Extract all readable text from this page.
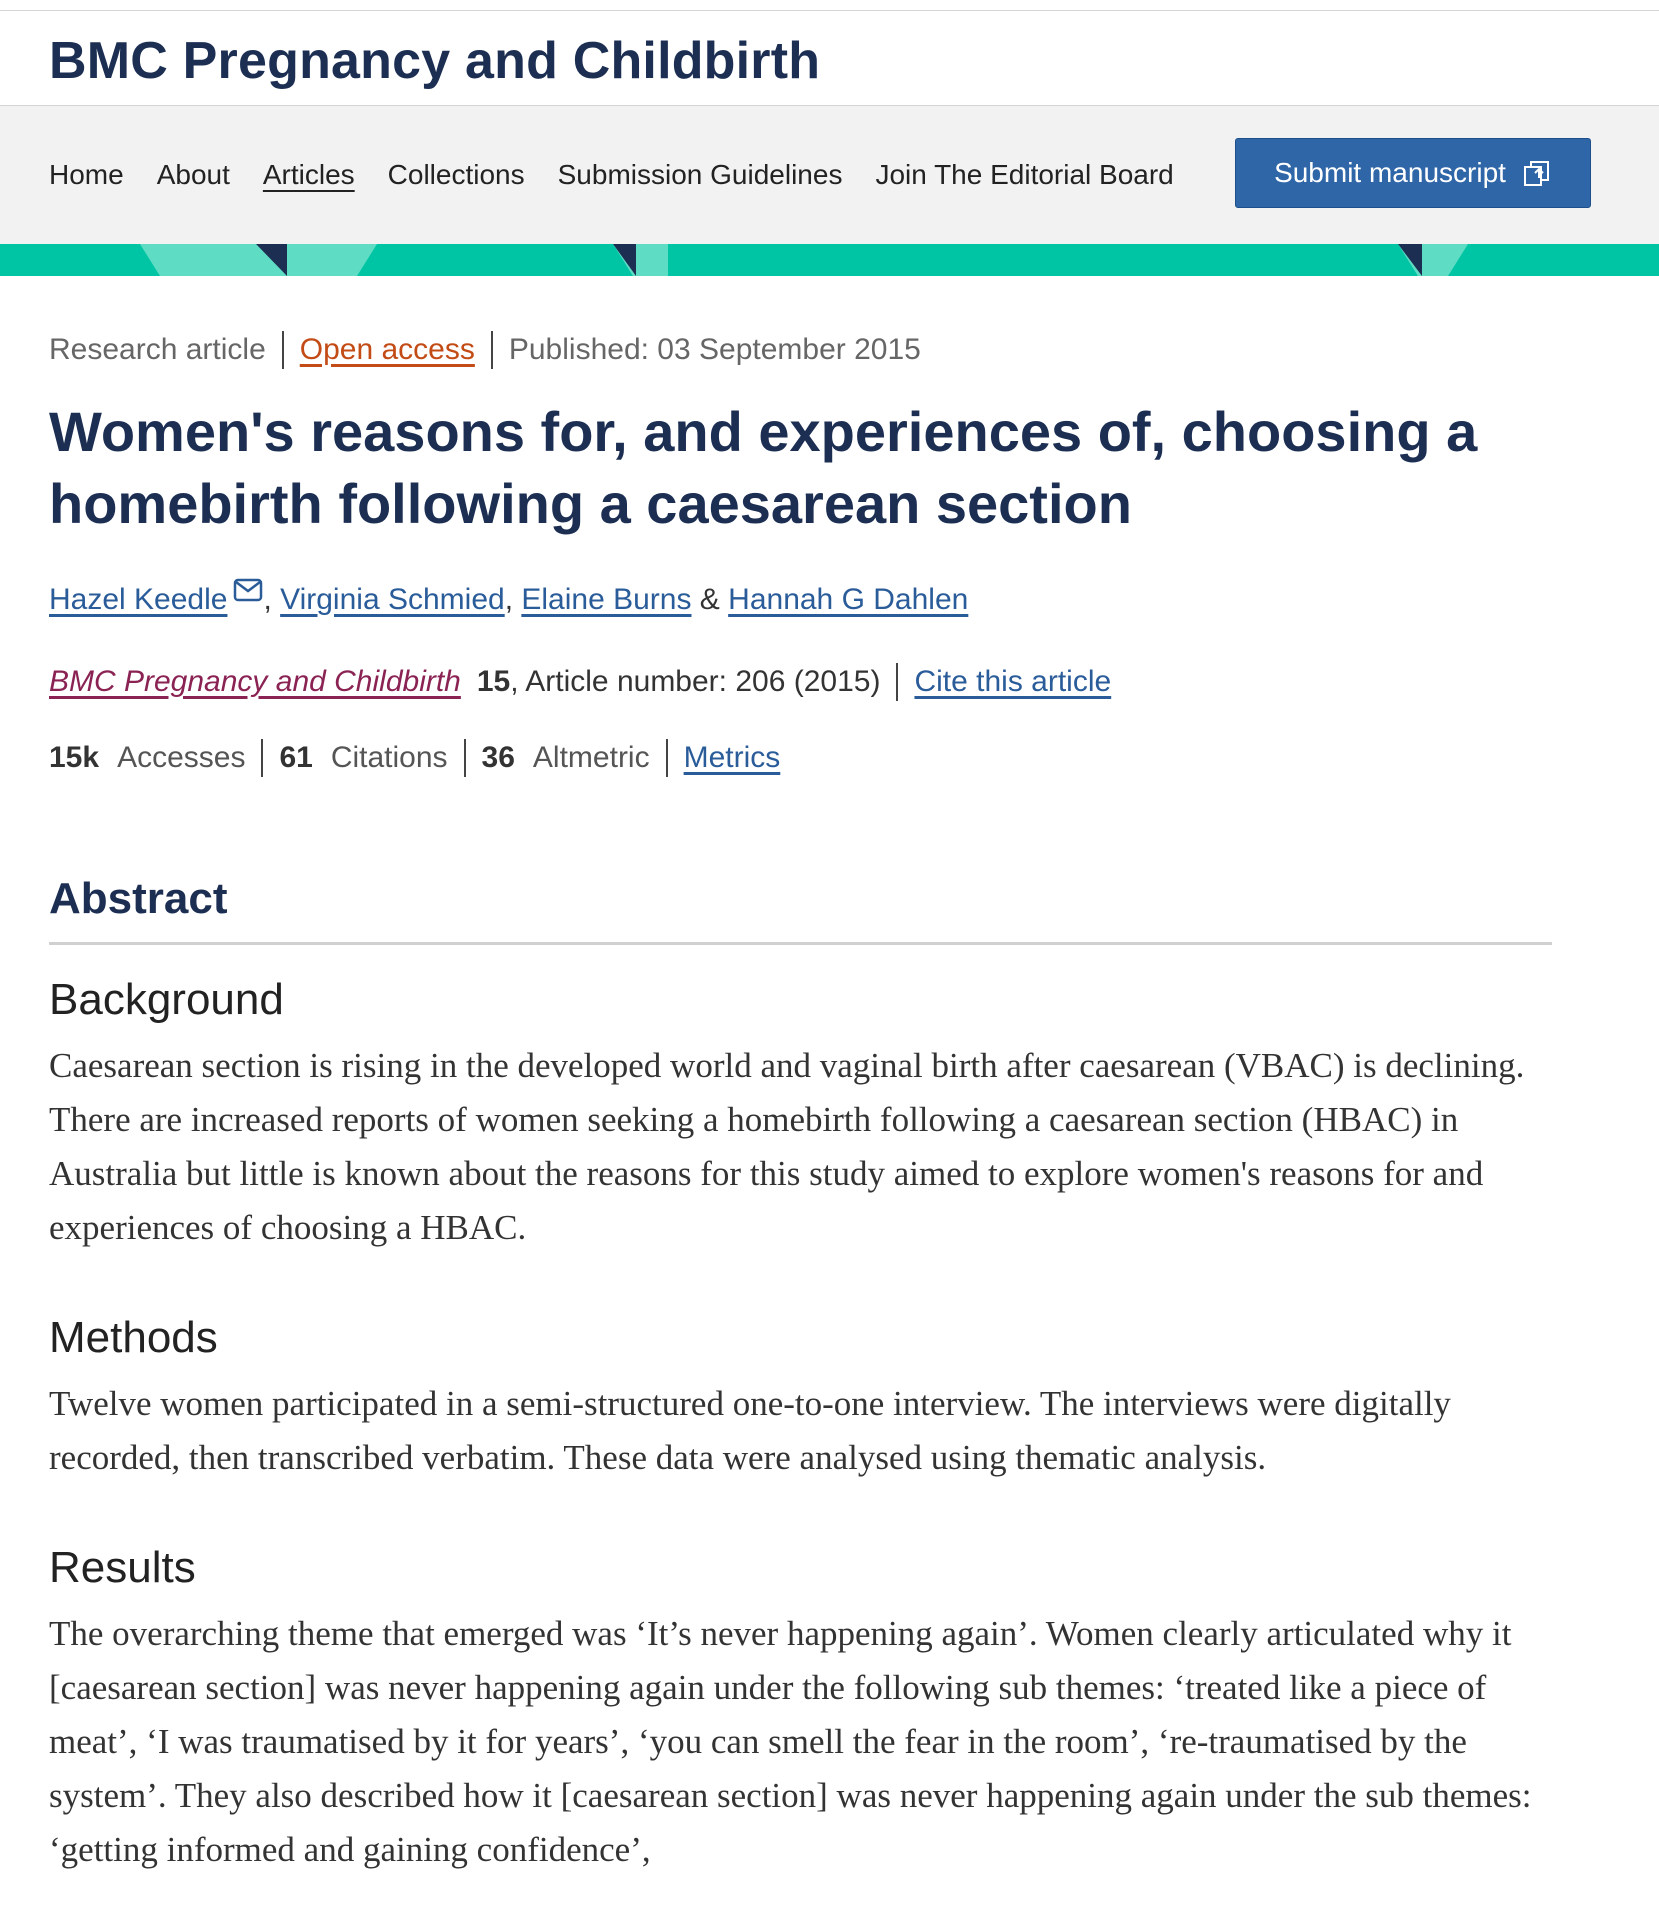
BMC Pregnancy and Childbirth
Home About Articles Collections Submission Guidelines Join The Editorial Board	Submit manuscript
Research article Open access Published: 03 September 2015
Women's reasons for, and experiences of, choosing a homebirth following a caesarean section
Hazel Keedle , Virginia Schmied , Elaine Burns & Hannah G Dahlen
BMC Pregnancy and Childbirth 15 , Article number: 206 (2015) Cite this article
15k Accesses 61 Citations 36 Altmetric Metrics
Abstract
Background

Caesarean section is rising in the developed world and vaginal birth after caesarean (VBAC) is declining. There are increased reports of women seeking a homebirth following a caesarean section (HBAC) in Australia but little is known about the reasons for this study aimed to explore women's reasons for and experiences of choosing a HBAC.

Methods

Twelve women participated in a semi-structured one-to-one interview. The interviews were digitally recorded, then transcribed verbatim. These data were analysed using thematic analysis.

Results

The overarching theme that emerged was ‘It’s never happening again’. Women clearly articulated why it [caesarean section] was never happening again under the following sub themes: ‘treated like a piece of meat’, ‘I was traumatised by it for years’, ‘you can smell the fear in the room’, ‘re-traumatised by the system’. They also described how it [caesarean section] was never happening again under the sub themes: ‘getting informed and gaining confidence’,
